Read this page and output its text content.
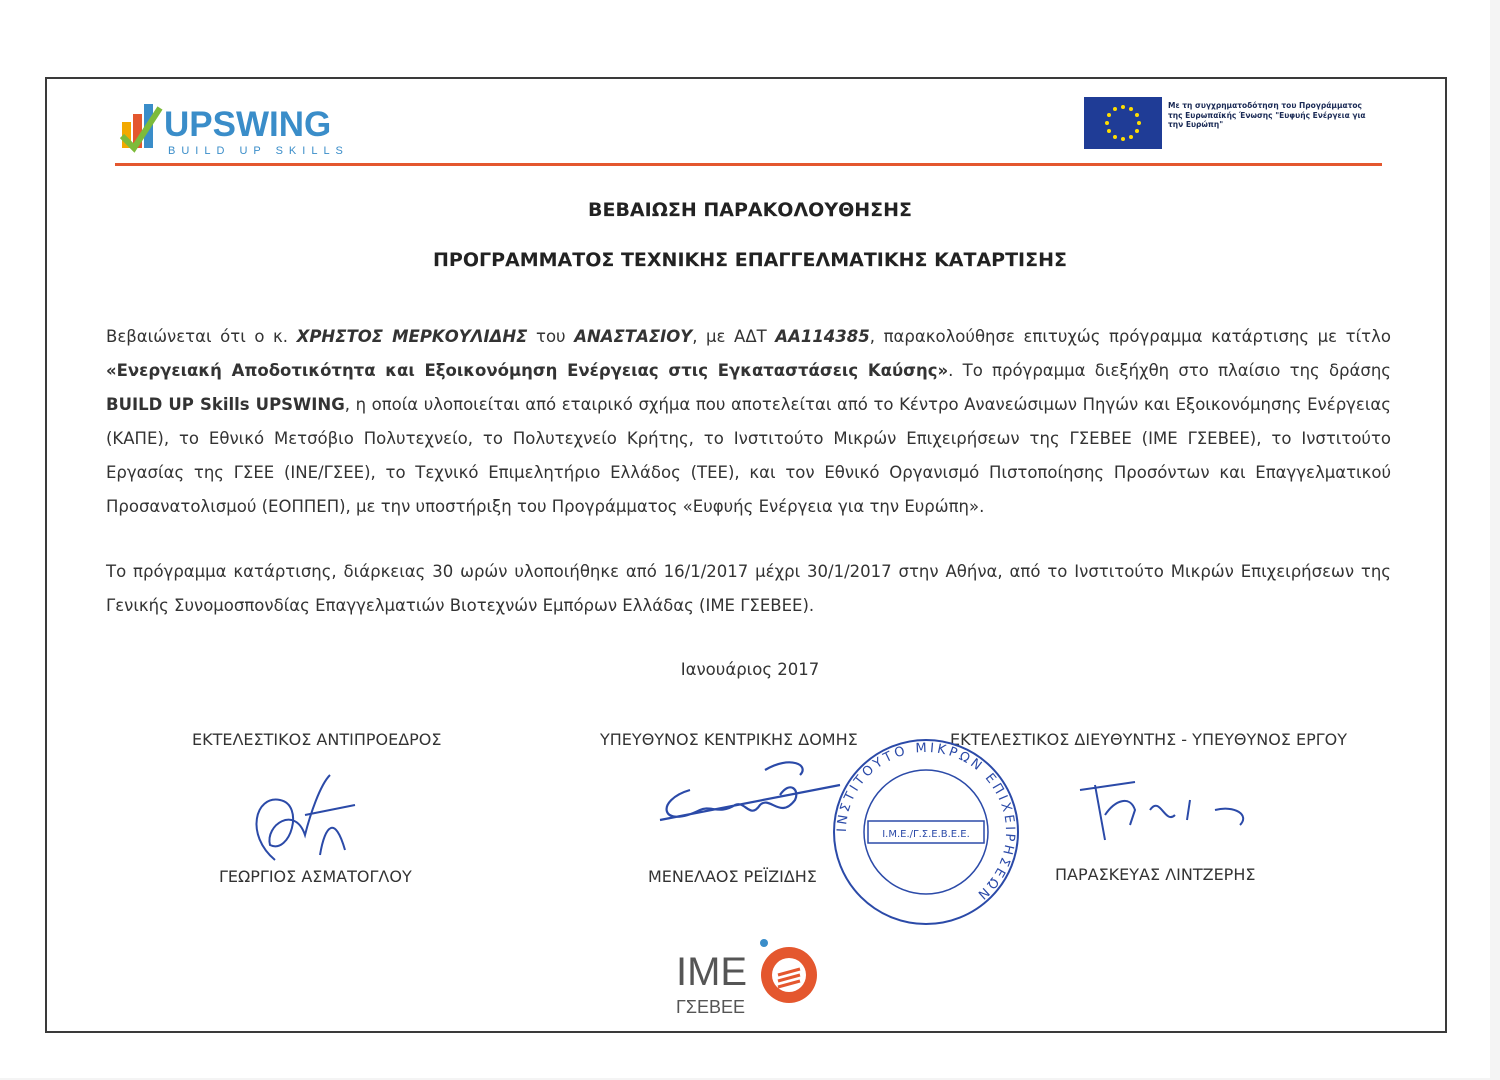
UPSWING
BUILD UP SKILLS
Με τη συγχρηματοδότηση του Προγράμματος της Ευρωπαϊκής Ένωσης "Ευφυής Ενέργεια για την Ευρώπη"
ΒΕΒΑΙΩΣΗ ΠΑΡΑΚΟΛΟΥΘΗΣΗΣ
ΠΡΟΓΡΑΜΜΑΤΟΣ ΤΕΧΝΙΚΗΣ ΕΠΑΓΓΕΛΜΑΤΙΚΗΣ ΚΑΤΑΡΤΙΣΗΣ
Βεβαιώνεται ότι ο κ. ΧΡΗΣΤΟΣ ΜΕΡΚΟΥΛΙΔΗΣ του ΑΝΑΣΤΑΣΙΟΥ, με ΑΔΤ ΑΑ114385, παρακολούθησε επιτυχώς πρόγραμμα κατάρτισης με τίτλο «Ενεργειακή Αποδοτικότητα και Εξοικονόμηση Ενέργειας στις Εγκαταστάσεις Καύσης». Το πρόγραμμα διεξήχθη στο πλαίσιο της δράσης BUILD UP Skills UPSWING, η οποία υλοποιείται από εταιρικό σχήμα που αποτελείται από το Κέντρο Ανανεώσιμων Πηγών και Εξοικονόμησης Ενέργειας (ΚΑΠΕ), το Εθνικό Μετσόβιο Πολυτεχνείο, το Πολυτεχνείο Κρήτης, το Ινστιτούτο Μικρών Επιχειρήσεων της ΓΣΕΒΕΕ (ΙΜΕ ΓΣΕΒΕΕ), το Ινστιτούτο Εργασίας της ΓΣΕΕ (ΙΝΕ/ΓΣΕΕ), το Τεχνικό Επιμελητήριο Ελλάδος (ΤΕΕ), και τον Εθνικό Οργανισμό Πιστοποίησης Προσόντων και Επαγγελματικού Προσανατολισμού (ΕΟΠΠΕΠ), με την υποστήριξη του Προγράμματος «Ευφυής Ενέργεια για την Ευρώπη».
Το πρόγραμμα κατάρτισης, διάρκειας 30 ωρών υλοποιήθηκε από 16/1/2017 μέχρι 30/1/2017 στην Αθήνα, από το Ινστιτούτο Μικρών Επιχειρήσεων της Γενικής Συνομοσπονδίας Επαγγελματιών Βιοτεχνών Εμπόρων Ελλάδας (ΙΜΕ ΓΣΕΒΕΕ).
Ιανουάριος 2017
ΕΚΤΕΛΕΣΤΙΚΟΣ ΑΝΤΙΠΡΟΕΔΡΟΣ	ΥΠΕΥΘΥΝΟΣ ΚΕΝΤΡΙΚΗΣ ΔΟΜΗΣ	ΕΚΤΕΛΕΣΤΙΚΟΣ ΔΙΕΥΘΥΝΤΗΣ - ΥΠΕΥΘΥΝΟΣ ΕΡΓΟΥ
ΙΝΣΤΙΤΟΥΤΟ ΜΙΚΡΩΝ ΕΠΙΧΕΙΡΗΣΕΩΝ
Ι.Μ.Ε./Γ.Σ.Ε.Β.Ε.Ε.
ΓΕΩΡΓΙΟΣ ΑΣΜΑΤΟΓΛΟΥ	ΜΕΝΕΛΑΟΣ ΡΕΪΖΙΔΗΣ	ΠΑΡΑΣΚΕΥΑΣ ΛΙΝΤΖΕΡΗΣ
ΙΜΕ
ΓΣΕΒΕΕ
